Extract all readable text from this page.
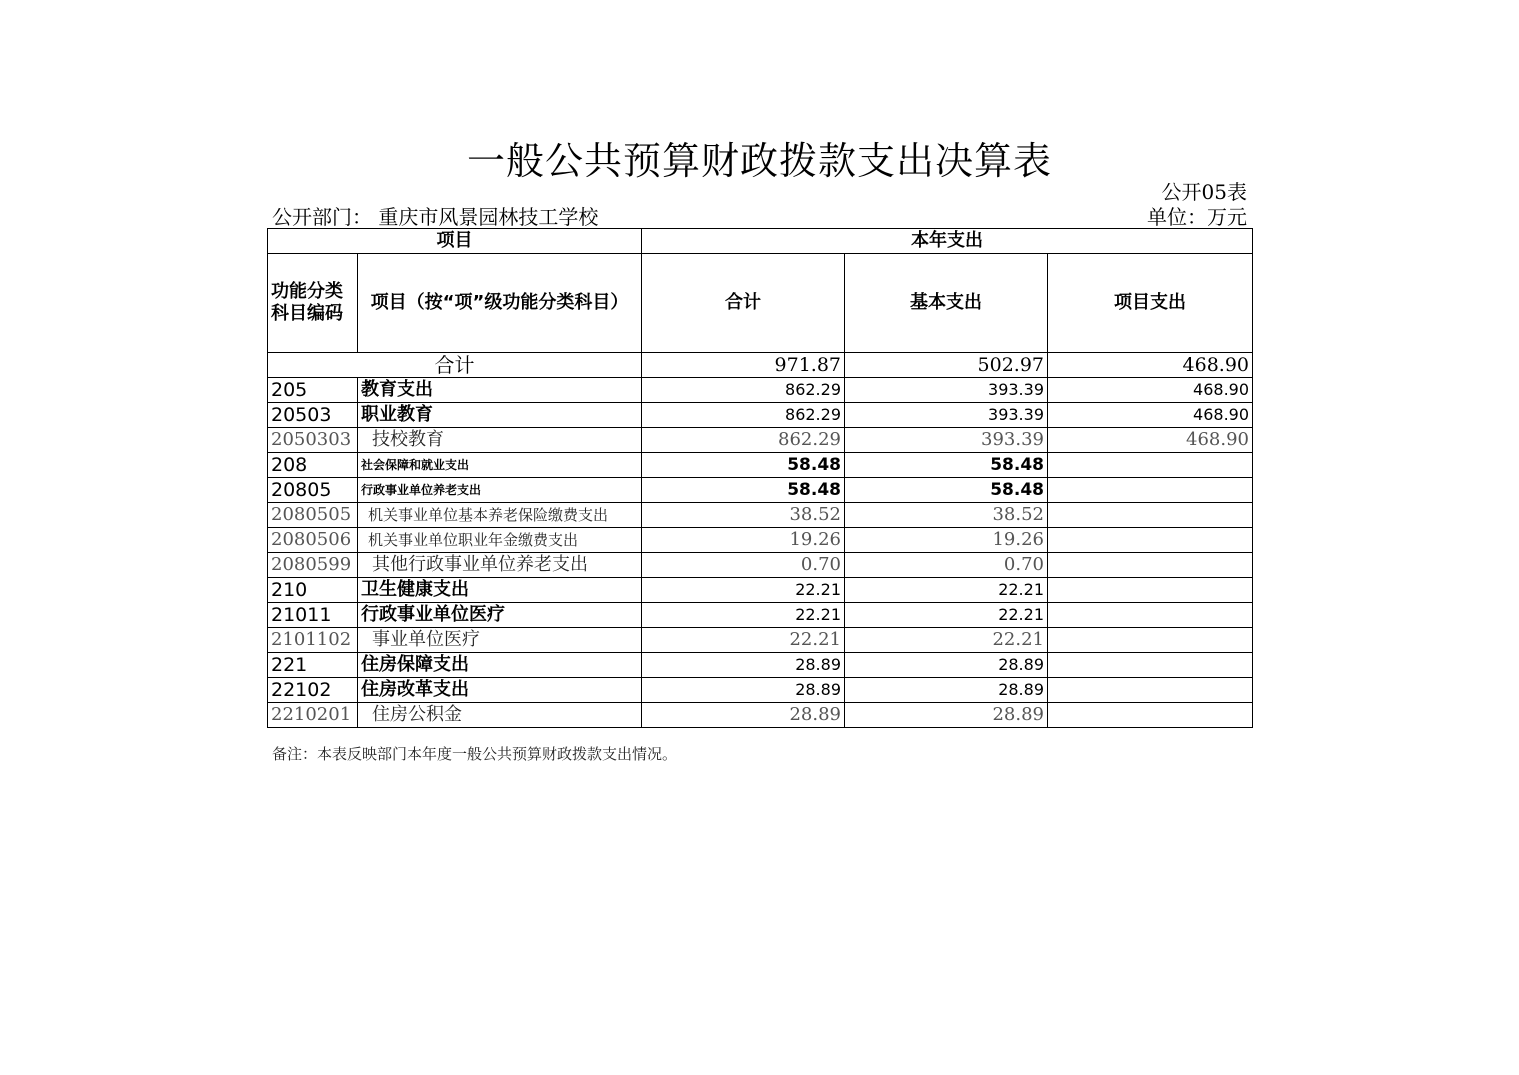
一般公共预算财政拨款支出决算表
公开05表
公开部门： 重庆市风景园林技工学校	单位：万元
项目		本年支出		
功能分类科目编码	项目（按“项”级功能分类科目）	合计	基本支出	项目支出
合计		971.87	502.97	468.90
205	教育支出	862.29	393.39	468.90
20503	职业教育	862.29	393.39	468.90
2050303	技校教育	862.29	393.39	468.90
208	社会保障和就业支出	58.48	58.48	
20805	行政事业单位养老支出	58.48	58.48	
2080505	机关事业单位基本养老保险缴费支出	38.52	38.52	
2080506	机关事业单位职业年金缴费支出	19.26	19.26	
2080599	其他行政事业单位养老支出	0.70	0.70	
210	卫生健康支出	22.21	22.21	
21011	行政事业单位医疗	22.21	22.21	
2101102	事业单位医疗	22.21	22.21	
221	住房保障支出	28.89	28.89	
22102	住房改革支出	28.89	28.89	
2210201	住房公积金	28.89	28.89	
备注：本表反映部门本年度一般公共预算财政拨款支出情况。
